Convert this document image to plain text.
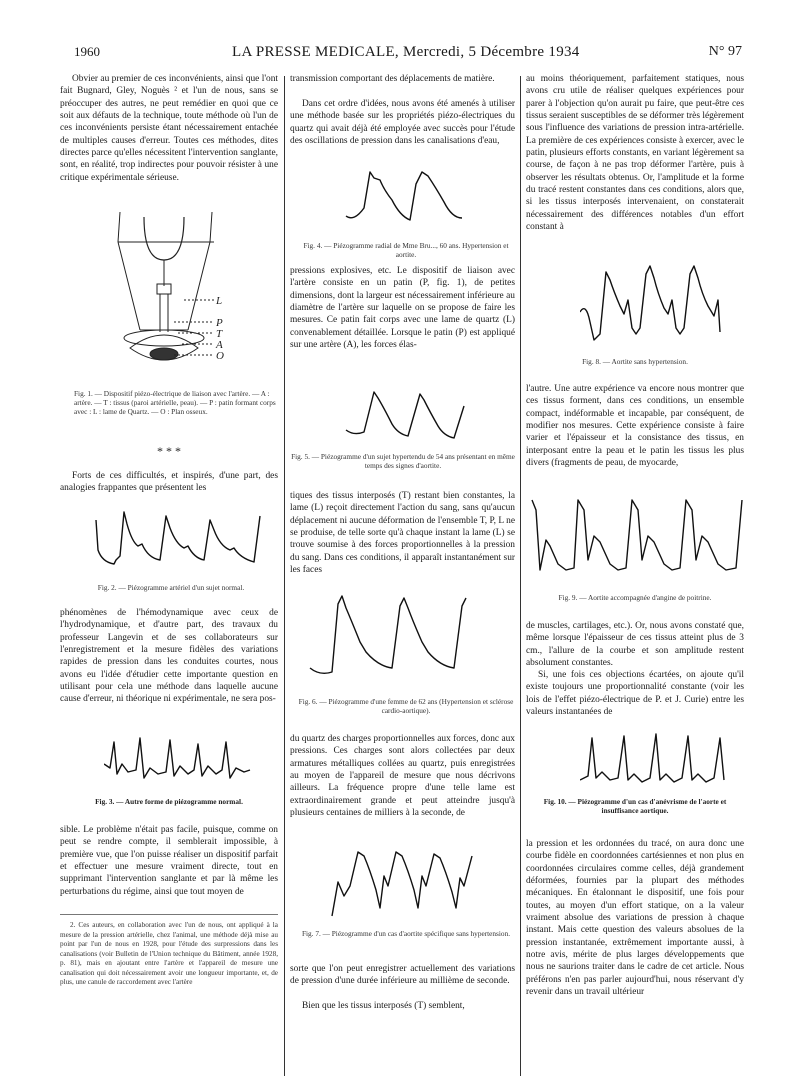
1960	LA PRESSE MEDICALE, Mercredi, 5 Décembre 1934	N° 97

Obvier au premier de ces inconvénients, ainsi que l'ont fait Bugnard, Gley, Noguès ² et l'un de nous, sans se préoccuper des autres, ne peut remédier en quoi que ce soit aux défauts de la technique, toute méthode où l'un de ces inconvénients persiste étant nécessairement entachée de multiples causes d'erreur. Toutes ces méthodes, dites directes parce qu'elles nécessitent l'intervention sanglante, sont, en réalité, trop indirectes pour pouvoir résister à une critique expérimentale sérieuse.

L
P
T
A
O
Fig. 1. — Dispositif piézo-électrique de liaison avec l'artère. — A : artère. — T : tissus (paroi artérielle, peau). — P : patin formant corps avec : L : lame de Quartz. — O : Plan osseux.
* * *

Forts de ces difficultés, et inspirés, d'une part, des analogies frappantes que présentent les

Fig. 2. — Piézogramme artériel d'un sujet normal.

phénomènes de l'hémodynamique avec ceux de l'hydrodynamique, et d'autre part, des travaux du professeur Langevin et de ses collaborateurs sur l'enregistrement et la mesure fidèles des variations rapides de pression dans les conduites courtes, nous avons eu l'idée d'étudier cette importante question en utilisant pour cela une méthode dans laquelle aucune cause d'erreur, ni théorique ni expérimentale, ne sera pos-

Fig. 3. — Autre forme de piézogramme normal.

sible. Le problème n'était pas facile, puisque, comme on peut se rendre compte, il semblerait impossible, à première vue, que l'on puisse réaliser un dispositif parfait et effectuer une mesure vraiment directe, tout en supprimant l'intervention sanglante et par là même les perturbations du régime, ainsi que tout moyen de

2. Ces auteurs, en collaboration avec l'un de nous, ont appliqué à la mesure de la pression artérielle, chez l'animal, une méthode déjà mise au point par l'un de nous en 1928, pour l'étude des surpressions dans les canalisations (voir Bulletin de l'Union technique du Bâtiment, année 1928, p. 81), mais en ajoutant entre l'artère et l'appareil de mesure une canalisation qui doit nécessairement avoir une longueur importante, et, de plus, une canule de raccordement avec l'artère

transmission comportant des déplacements de matière.

Dans cet ordre d'idées, nous avons été amenés à utiliser une méthode basée sur les propriétés piézo-électriques du quartz qui avait déjà été employée avec succès pour l'étude des oscillations de pression dans les canalisations d'eau,

Fig. 4. — Piézogramme radial de Mme Bru..., 60 ans. Hypertension et aortite.

pressions explosives, etc. Le dispositif de liaison avec l'artère consiste en un patin (P, fig. 1), de petites dimensions, dont la largeur est nécessairement inférieure au diamètre de l'artère sur laquelle on se propose de faire les mesures. Ce patin fait corps avec une lame de quartz (L) convenablement détaillée. Lorsque le patin (P) est appliqué sur une artère (A), les forces élas-

Fig. 5. — Piézogramme d'un sujet hypertendu de 54 ans présentant en même temps des signes d'aortite.

tiques des tissus interposés (T) restant bien constantes, la lame (L) reçoit directement l'action du sang, sans qu'aucun déplacement ni aucune déformation de l'ensemble T, P, L ne se produise, de telle sorte qu'à chaque instant la lame (L) se trouve soumise à des forces proportionnelles à la pression du sang. Dans ces conditions, il apparaît instantanément sur les faces

Fig. 6. — Piézogramme d'une femme de 62 ans (Hypertension et sclérose cardio-aortique).

du quartz des charges proportionnelles aux forces, donc aux pressions. Ces charges sont alors collectées par deux armatures métalliques collées au quartz, puis enregistrées au moyen de l'appareil de mesure que nous décrivons ailleurs. La fréquence propre d'une telle lame est extraordinairement grande et peut atteindre jusqu'à plusieurs centaines de milliers à la seconde, de

Fig. 7. — Piézogramme d'un cas d'aortite spécifique sans hypertension.

sorte que l'on peut enregistrer actuellement des variations de pression d'une durée inférieure au millième de seconde.

Bien que les tissus interposés (T) semblent,

au moins théoriquement, parfaitement statiques, nous avons cru utile de réaliser quelques expériences pour parer à l'objection qu'on aurait pu faire, que peut-être ces tissus seraient susceptibles de se déformer très légèrement sous l'influence des variations de pression intra-artérielle. La première de ces expériences consiste à exercer, avec le patin, plusieurs efforts constants, en variant légèrement sa course, de façon à ne pas trop déformer l'artère, puis à observer les résultats obtenus. Or, l'amplitude et la forme du tracé restent constantes dans ces conditions, alors que, si les tissus interposés intervenaient, on constaterait nécessairement des différences notables d'un effort constant à

Fig. 8. — Aortite sans hypertension.

l'autre. Une autre expérience va encore nous montrer que ces tissus forment, dans ces conditions, un ensemble compact, indéformable et incapable, par conséquent, de modifier nos mesures. Cette expérience consiste à faire varier et l'épaisseur et la consistance des tissus, en interposant entre la peau et le patin les tissus les plus divers (fragments de peau, de myocarde,

Fig. 9. — Aortite accompagnée d'angine de poitrine.

de muscles, cartilages, etc.). Or, nous avons constaté que, même lorsque l'épaisseur de ces tissus atteint plus de 3 cm., l'allure de la courbe et son amplitude restent absolument constantes.

Si, une fois ces objections écartées, on ajoute qu'il existe toujours une proportionnalité constante (voir les lois de l'effet piézo-électrique de P. et J. Curie) entre les valeurs instantanées de

Fig. 10. — Piézogramme d'un cas d'anévrisme de l'aorte et insuffisance aortique.

la pression et les ordonnées du tracé, on aura donc une courbe fidèle en coordonnées cartésiennes et non plus en coordonnées circulaires comme celles, déjà grandement déformées, fournies par la plupart des méthodes mécaniques. En étalonnant le dispositif, une fois pour toutes, au moyen d'un effort statique, on a la valeur vraiment absolue des variations de pression à chaque instant. Mais cette question des valeurs absolues de la pression instantanée, extrêmement importante aussi, à notre avis, mérite de plus larges développements que nous ne saurions traiter dans le cadre de cet article. Nous préférons n'en pas parler aujourd'hui, nous réservant d'y revenir dans un travail ultérieur
